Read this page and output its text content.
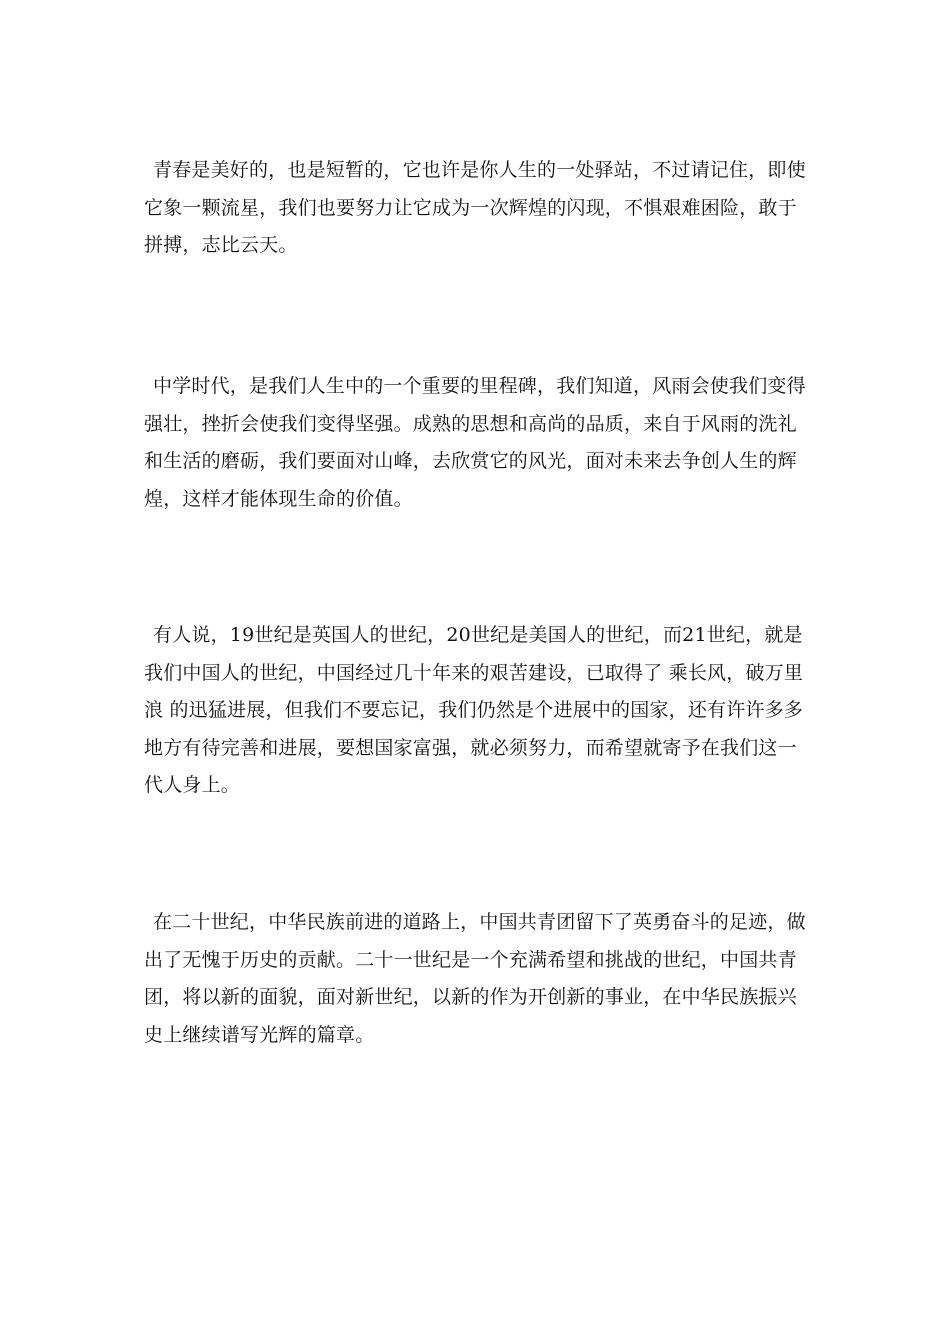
青春是美好的，也是短暂的，它也许是你人生的一处驿站，不过请记住，即使它象一颗流星，我们也要努力让它成为一次辉煌的闪现，不惧艰难困险，敢于拼搏，志比云天。

中学时代，是我们人生中的一个重要的里程碑，我们知道，风雨会使我们变得强壮，挫折会使我们变得坚强。成熟的思想和高尚的品质，来自于风雨的洗礼和生活的磨砺，我们要面对山峰，去欣赏它的风光，面对未来去争创人生的辉煌，这样才能体现生命的价值。

有人说，19世纪是英国人的世纪，20世纪是美国人的世纪，而21世纪，就是我们中国人的世纪，中国经过几十年来的艰苦建设，已取得了 乘长风，破万里浪 的迅猛进展，但我们不要忘记，我们仍然是个进展中的国家，还有许许多多地方有待完善和进展，要想国家富强，就必须努力，而希望就寄予在我们这一代人身上。

在二十世纪，中华民族前进的道路上，中国共青团留下了英勇奋斗的足迹，做出了无愧于历史的贡献。二十一世纪是一个充满希望和挑战的世纪，中国共青团，将以新的面貌，面对新世纪，以新的作为开创新的事业，在中华民族振兴史上继续谱写光辉的篇章。
